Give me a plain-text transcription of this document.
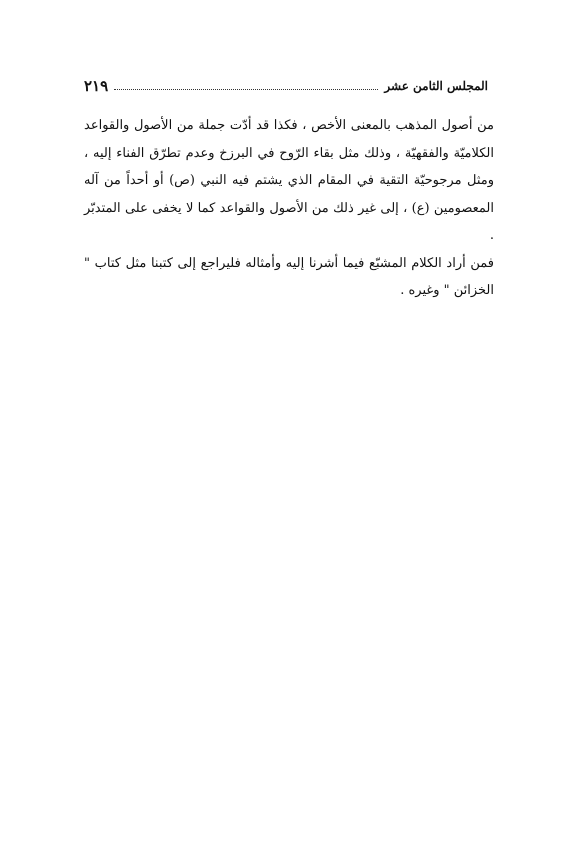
المجلس الثامن عشر
٢١٩

من أصول المذهب بالمعنى الأخص ، فكذا قد أدّت جملة من الأصول والقواعد الكلاميّة والفقهيّة ، وذلك مثل بقاء الرّوح في البرزخ وعدم تطرّق الفناء إليه ، ومثل مرجوحيّة التقية في المقام الذي يشتم فيه النبي (ص) أو أحداً من آله المعصومين (ع) ، إلى غير ذلك من الأصول والقواعد كما لا يخفى على المتدبّر .

فمن أراد الكلام المشبّع فيما أشرنا إليه وأمثاله فليراجع إلى كتبنا مثل كتاب " الخزائن " وغيره .
